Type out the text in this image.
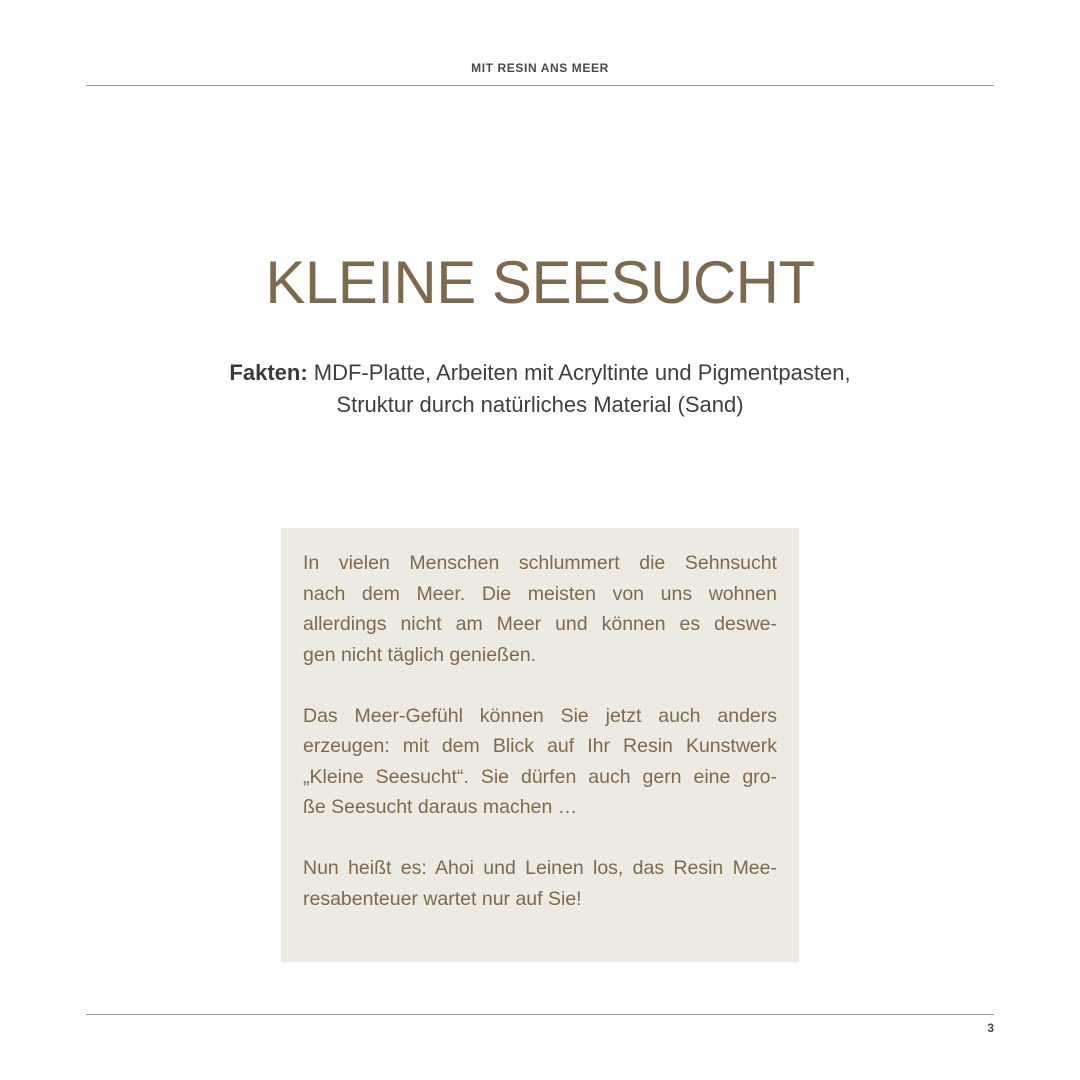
MIT RESIN ANS MEER
KLEINE SEESUCHT
Fakten: MDF-Platte, Arbeiten mit Acryltinte und Pigmentpasten,
Struktur durch natürliches Material (Sand)

In vielen Menschen schlummert die Sehnsucht
nach dem Meer. Die meisten von uns wohnen
allerdings nicht am Meer und können es deswe-
gen nicht täglich genießen.

Das Meer-Gefühl können Sie jetzt auch anders
erzeugen: mit dem Blick auf Ihr Resin Kunstwerk
„Kleine Seesucht“. Sie dürfen auch gern eine gro-
ße Seesucht daraus machen …

Nun heißt es: Ahoi und Leinen los, das Resin Mee-
resabenteuer wartet nur auf Sie!

3
